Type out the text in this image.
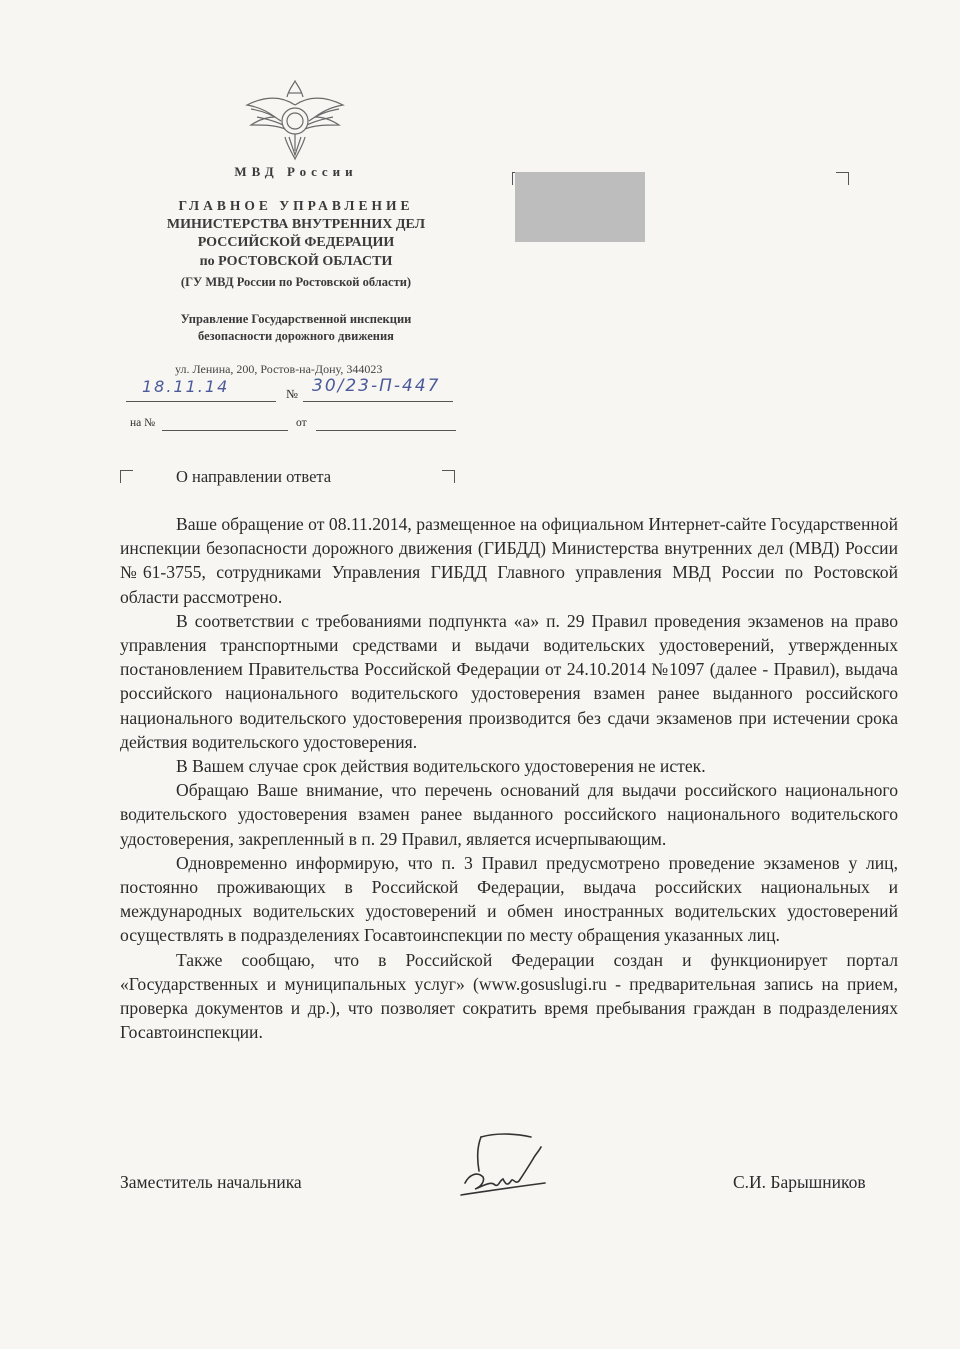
МВД России
ГЛАВНОЕ УПРАВЛЕНИЕ
МИНИСТЕРСТВА ВНУТРЕННИХ ДЕЛ
РОССИЙСКОЙ ФЕДЕРАЦИИ
по РОСТОВСКОЙ ОБЛАСТИ
(ГУ МВД России по Ростовской области)
Управление Государственной инспекции
безопасности дорожного движения
ул. Ленина, 200, Ростов-на-Дону, 344023
18.11.14	№ 30/23-П-447
на №	от
О направлении ответа

Ваше обращение от 08.11.2014, размещенное на официальном Интернет-сайте Государственной инспекции безопасности дорожного движения (ГИБДД) Министерства внутренних дел (МВД) России №61-3755, сотрудниками Управления ГИБДД Главного управления МВД России по Ростовской области рассмотрено.

В соответствии с требованиями подпункта «а» п. 29 Правил проведения экзаменов на право управления транспортными средствами и выдачи водительских удостоверений, утвержденных постановлением Правительства Российской Федерации от 24.10.2014 №1097 (далее - Правил), выдача российского национального водительского удостоверения взамен ранее выданного российского национального водительского удостоверения производится без сдачи экзаменов при истечении срока действия водительского удостоверения.

В Вашем случае срок действия водительского удостоверения не истек.

Обращаю Ваше внимание, что перечень оснований для выдачи российского национального водительского удостоверения взамен ранее выданного российского национального водительского удостоверения, закрепленный в п. 29 Правил, является исчерпывающим.

Одновременно информирую, что п. 3 Правил предусмотрено проведение экзаменов у лиц, постоянно проживающих в Российской Федерации, выдача российских национальных и международных водительских удостоверений и обмен иностранных водительских удостоверений осуществлять в подразделениях Госавтоинспекции по месту обращения указанных лиц.

Также сообщаю, что в Российской Федерации создан и функционирует портал «Государственных и муниципальных услуг» (www.gosuslugi.ru - предварительная запись на прием, проверка документов и др.), что позволяет сократить время пребывания граждан в подразделениях Госавтоинспекции.

Заместитель начальника	С.И. Барышников
